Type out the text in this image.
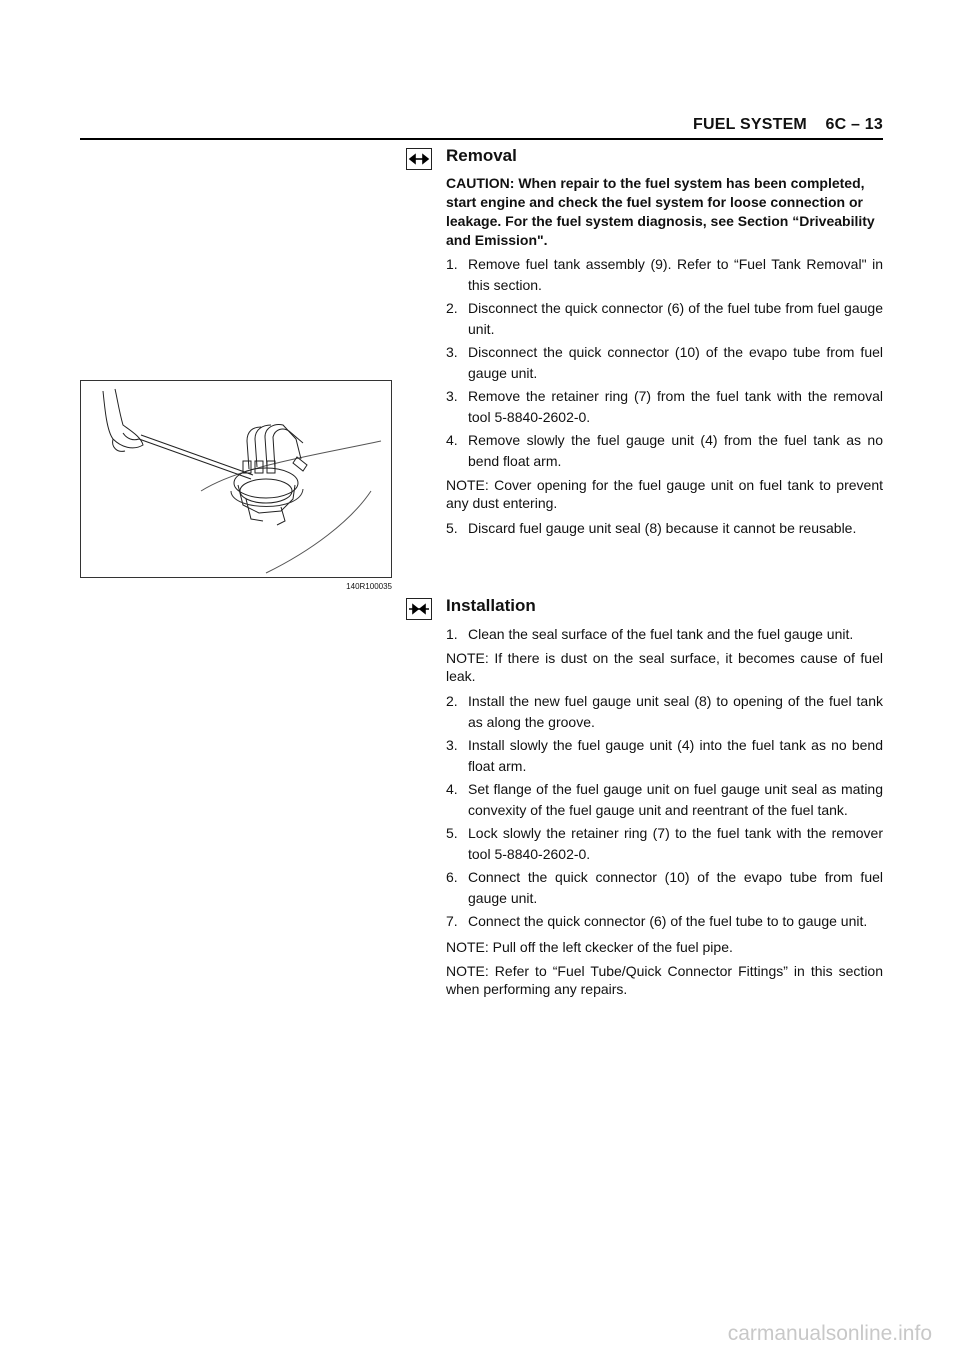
FUEL SYSTEM    6C – 13
140R100035
Removal

CAUTION: When repair to the fuel system has been completed, start engine and check the fuel system for loose connection or leakage. For the fuel system diagnosis, see Section “Driveability and Emission".

1. Remove fuel tank assembly (9). Refer to “Fuel Tank Removal" in this section.
2. Disconnect the quick connector (6) of the fuel tube from fuel gauge unit.
3. Disconnect the quick connector (10) of the evapo tube from fuel gauge unit.
3. Remove the retainer ring (7) from the fuel tank with the removal tool 5-8840-2602-0.
4. Remove slowly the fuel gauge unit (4) from the fuel tank as no bend float arm.

NOTE: Cover opening for the fuel gauge unit on fuel tank to prevent any dust entering.

5. Discard fuel gauge unit seal (8) because it cannot be reusable.
Installation
1. Clean the seal surface of the fuel tank and the fuel gauge unit.

NOTE: If there is dust on the seal surface, it becomes cause of fuel leak.

2. Install the new fuel gauge unit seal (8) to opening of the fuel tank as along the groove.
3. Install slowly the fuel gauge unit (4) into the fuel tank as no bend float arm.
4. Set flange of the fuel gauge unit on fuel gauge unit seal as mating convexity of the fuel gauge unit and reentrant of the fuel tank.
5. Lock slowly the retainer ring (7) to the fuel tank with the remover tool 5-8840-2602-0.
6. Connect the quick connector (10) of the evapo tube from fuel gauge unit.
7. Connect the quick connector (6) of the fuel tube to to gauge unit.

NOTE: Pull off the left ckecker of the fuel pipe.

NOTE: Refer to “Fuel Tube/Quick Connector Fittings” in this section when performing any repairs.

carmanualsonline.info
